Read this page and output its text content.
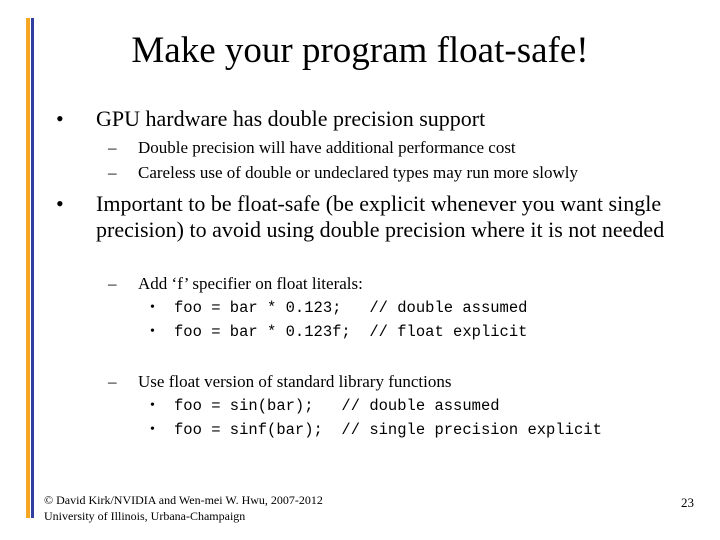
Make your program float-safe!
• GPU hardware has double precision support
– Double precision will have additional performance cost
– Careless use of double or undeclared types may run more slowly
• Important to be float-safe (be explicit whenever you want single precision) to avoid using double precision where it is not needed
– Add ‘f’ specifier on float literals:
• foo = bar * 0.123;   // double assumed
• foo = bar * 0.123f;  // float explicit
– Use float version of standard library functions
• foo = sin(bar);   // double assumed
• foo = sinf(bar);  // single precision explicit
© David Kirk/NVIDIA and Wen-mei W. Hwu, 2007-2012
University of Illinois, Urbana-Champaign
23
